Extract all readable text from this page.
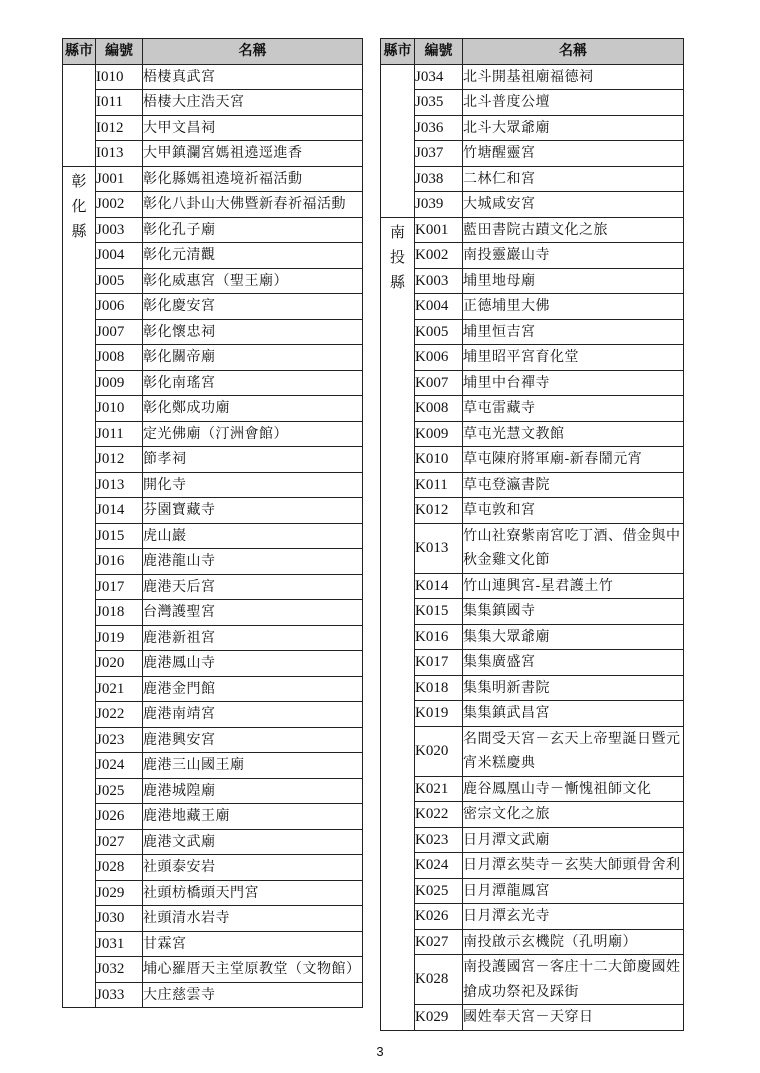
縣市	編號	名稱
	I010	梧棲真武宮
	I011	梧棲大庄浩天宮
	I012	大甲文昌祠
	I013	大甲鎮瀾宮媽祖遶逕進香
彰化縣	J001	彰化縣媽祖遶境祈福活動
	J002	彰化八卦山大佛暨新春祈福活動
	J003	彰化孔子廟
	J004	彰化元清觀
	J005	彰化威惠宮（聖王廟）
	J006	彰化慶安宮
	J007	彰化懷忠祠
	J008	彰化關帝廟
	J009	彰化南瑤宮
	J010	彰化鄭成功廟
	J011	定光佛廟（汀洲會館）
	J012	節孝祠
	J013	開化寺
	J014	芬園寶藏寺
	J015	虎山巖
	J016	鹿港龍山寺
	J017	鹿港天后宮
	J018	台灣護聖宮
	J019	鹿港新祖宮
	J020	鹿港鳳山寺
	J021	鹿港金門館
	J022	鹿港南靖宮
	J023	鹿港興安宮
	J024	鹿港三山國王廟
	J025	鹿港城隍廟
	J026	鹿港地藏王廟
	J027	鹿港文武廟
	J028	社頭泰安岩
	J029	社頭枋橋頭天門宮
	J030	社頭清水岩寺
	J031	甘霖宮
	J032	埔心羅厝天主堂原教堂（文物館）
	J033	大庄慈雲寺
縣市	編號	名稱
	J034	北斗開基祖廟福德祠
	J035	北斗普度公壇
	J036	北斗大眾爺廟
	J037	竹塘醒靈宮
	J038	二林仁和宮
	J039	大城咸安宮
南投縣	K001	藍田書院古蹟文化之旅
	K002	南投靈巖山寺
	K003	埔里地母廟
	K004	正德埔里大佛
	K005	埔里恒吉宮
	K006	埔里昭平宮育化堂
	K007	埔里中台禪寺
	K008	草屯雷藏寺
	K009	草屯光慧文教館
	K010	草屯陳府將軍廟-新春鬧元宵
	K011	草屯登瀛書院
	K012	草屯敦和宮
	K013	竹山社寮紫南宮吃丁酒、借金與中秋金雞文化節
	K014	竹山連興宮-星君護土竹
	K015	集集鎮國寺
	K016	集集大眾爺廟
	K017	集集廣盛宮
	K018	集集明新書院
	K019	集集鎮武昌宮
	K020	名間受天宮－玄天上帝聖誕日暨元宵米糕慶典
	K021	鹿谷鳳凰山寺－慚愧祖師文化
	K022	密宗文化之旅
	K023	日月潭文武廟
	K024	日月潭玄奘寺－玄奘大師頭骨舍利
	K025	日月潭龍鳳宮
	K026	日月潭玄光寺
	K027	南投啟示玄機院（孔明廟）
	K028	南投護國宮－客庄十二大節慶國姓搶成功祭祀及踩街
	K029	國姓奉天宮－天穿日
3
